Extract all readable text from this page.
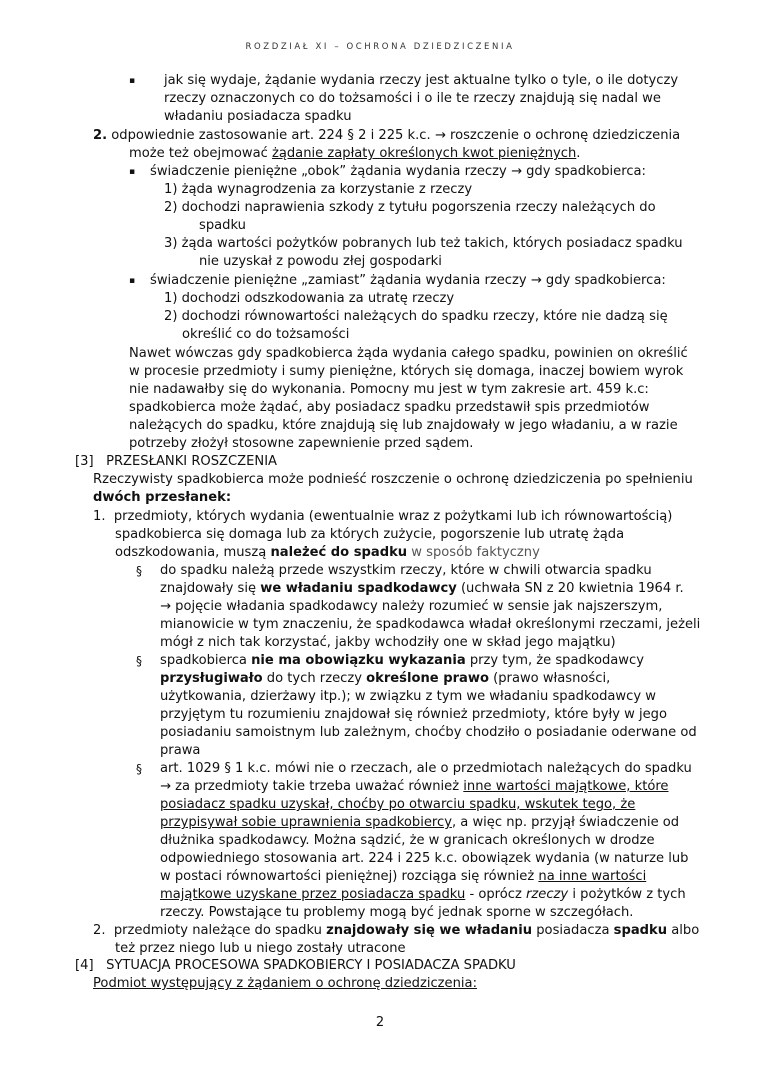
ROZDZIAŁ XI – OCHRONA DZIEDZICZENIA
▪ jak się wydaje, żądanie wydania rzeczy jest aktualne tylko o tyle, o ile dotyczy
rzeczy oznaczonych co do tożsamości i o ile te rzeczy znajdują się nadal we
władaniu posiadacza spadku
2. odpowiednie zastosowanie art. 224 § 2 i 225 k.c. → roszczenie o ochronę dziedziczenia
może też obejmować żądanie zapłaty określonych kwot pieniężnych.
▪ świadczenie pieniężne „obok” żądania wydania rzeczy → gdy spadkobierca:
1) żąda wynagrodzenia za korzystanie z rzeczy
2) dochodzi naprawienia szkody z tytułu pogorszenia rzeczy należących do
spadku
3) żąda wartości pożytków pobranych lub też takich, których posiadacz spadku
nie uzyskał z powodu złej gospodarki
▪ świadczenie pieniężne „zamiast” żądania wydania rzeczy → gdy spadkobierca:
1) dochodzi odszkodowania za utratę rzeczy
2) dochodzi równowartości należących do spadku rzeczy, które nie dadzą się
określić co do tożsamości
Nawet wówczas gdy spadkobierca żąda wydania całego spadku, powinien on określić
w procesie przedmioty i sumy pieniężne, których się domaga, inaczej bowiem wyrok
nie nadawałby się do wykonania. Pomocny mu jest w tym zakresie art. 459 k.c:
spadkobierca może żądać, aby posiadacz spadku przedstawił spis przedmiotów
należących do spadku, które znajdują się lub znajdowały w jego władaniu, a w razie
potrzeby złożył stosowne zapewnienie przed sądem.
[3] PRZESŁANKI ROSZCZENIA
Rzeczywisty spadkobierca może podnieść roszczenie o ochronę dziedziczenia po spełnieniu
dwóch przesłanek:
1. przedmioty, których wydania (ewentualnie wraz z pożytkami lub ich równowartością)
spadkobierca się domaga lub za których zużycie, pogorszenie lub utratę żąda
odszkodowania, muszą należeć do spadku w sposób faktyczny
§ do spadku należą przede wszystkim rzeczy, które w chwili otwarcia spadku
znajdowały się we władaniu spadkodawcy (uchwała SN z 20 kwietnia 1964 r.
→ pojęcie władania spadkodawcy należy rozumieć w sensie jak najszerszym,
mianowicie w tym znaczeniu, że spadkodawca władał określonymi rzeczami, jeżeli
mógł z nich tak korzystać, jakby wchodziły one w skład jego majątku)
§ spadkobierca nie ma obowiązku wykazania przy tym, że spadkodawcy
przysługiwało do tych rzeczy określone prawo (prawo własności,
użytkowania, dzierżawy itp.); w związku z tym we władaniu spadkodawcy w
przyjętym tu rozumieniu znajdował się również przedmioty, które były w jego
posiadaniu samoistnym lub zależnym, choćby chodziło o posiadanie oderwane od
prawa
§ art. 1029 § 1 k.c. mówi nie o rzeczach, ale o przedmiotach należących do spadku
→ za przedmioty takie trzeba uważać również inne wartości majątkowe, które
posiadacz spadku uzyskał, choćby po otwarciu spadku, wskutek tego, że
przypisywał sobie uprawnienia spadkobiercy, a więc np. przyjął świadczenie od
dłużnika spadkodawcy. Można sądzić, że w granicach określonych w drodze
odpowiedniego stosowania art. 224 i 225 k.c. obowiązek wydania (w naturze lub
w postaci równowartości pieniężnej) rozciąga się również na inne wartości
majątkowe uzyskane przez posiadacza spadku - oprócz rzeczy i pożytków z tych
rzeczy. Powstające tu problemy mogą być jednak sporne w szczegółach.
2. przedmioty należące do spadku znajdowały się we władaniu posiadacza spadku albo
też przez niego lub u niego zostały utracone
[4] SYTUACJA PROCESOWA SPADKOBIERCY I POSIADACZA SPADKU
Podmiot występujący z żądaniem o ochronę dziedziczenia:
2
